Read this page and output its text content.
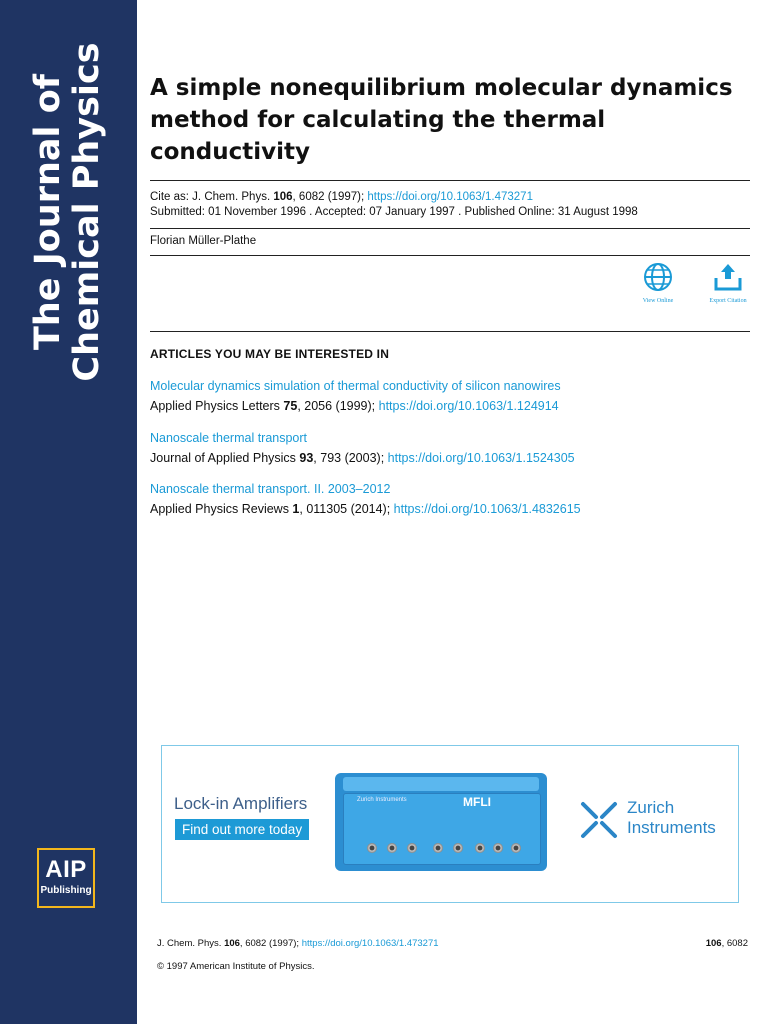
The Journal of Chemical Physics
AIP
Publishing
A simple nonequilibrium molecular dynamics method for calculating the thermal conductivity
Cite as: J. Chem. Phys. 106, 6082 (1997); https://doi.org/10.1063/1.473271
Submitted: 01 November 1996 . Accepted: 07 January 1997 . Published Online: 31 August 1998
Florian Müller-Plathe
View Online	Export Citation
ARTICLES YOU MAY BE INTERESTED IN
Molecular dynamics simulation of thermal conductivity of silicon nanowires
Applied Physics Letters 75, 2056 (1999); https://doi.org/10.1063/1.124914
Nanoscale thermal transport
Journal of Applied Physics 93, 793 (2003); https://doi.org/10.1063/1.1524305
Nanoscale thermal transport. II. 2003–2012
Applied Physics Reviews 1, 011305 (2014); https://doi.org/10.1063/1.4832615
Lock-in Amplifiers
Find out more today
Zurich Instruments	MFLI	Zurich
Instruments
J. Chem. Phys. 106, 6082 (1997); https://doi.org/10.1063/1.473271	106, 6082
© 1997 American Institute of Physics.
